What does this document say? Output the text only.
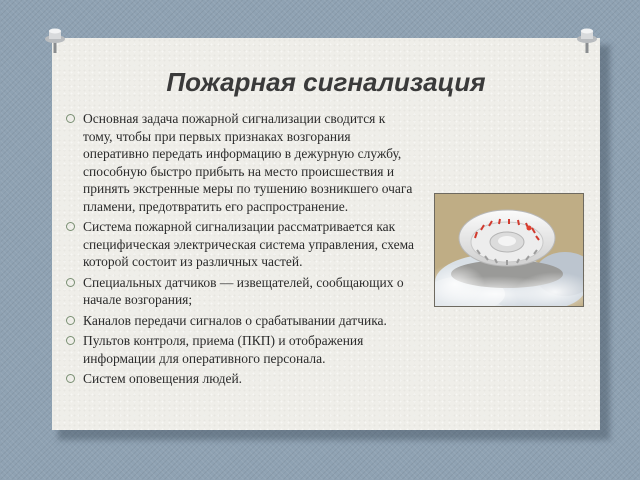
Пожарная сигнализация
Основная задача пожарной сигнализации сводится к тому, чтобы при первых признаках возгорания оперативно передать информацию в дежурную службу, способную быстро прибыть на место происшествия и принять экстренные меры по тушению возникшего очага пламени, предотвратить его распространение.
Система пожарной сигнализации рассматривается как специфическая электрическая система управления, схема которой состоит из различных частей.
Специальных датчиков — извещателей, сообщающих о начале возгорания;
Каналов передачи сигналов о срабатывании датчика.
Пультов контроля, приема (ПКП) и отображения информации для оперативного персонала.
Систем оповещения людей.
